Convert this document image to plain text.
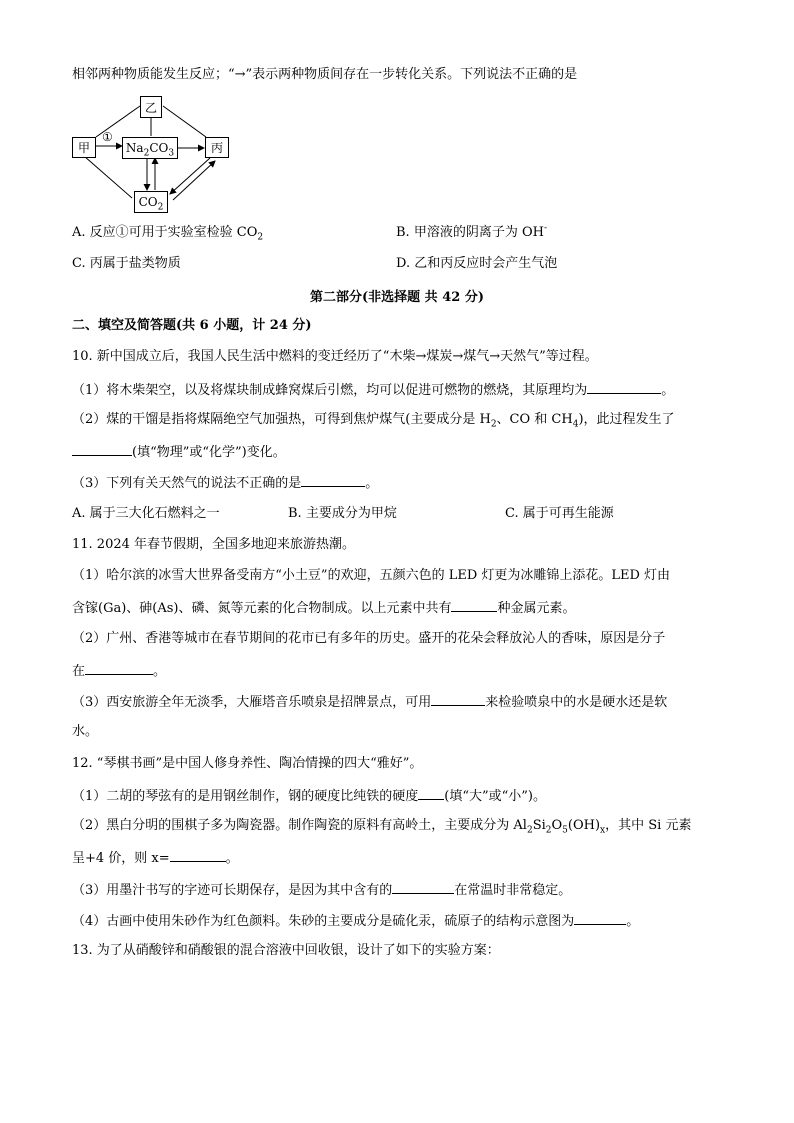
相邻两种物质能发生反应；“→”表示两种物质间存在一步转化关系。下列说法不正确的是
乙
甲	$Na_2CO_3$	丙
$CO_2$
①
A. 反应①可用于实验室检验 $CO_2$	B. 甲溶液的阴离子为 OH-
C. 丙属于盐类物质	D. 乙和丙反应时会产生气泡
第二部分(非选择题 共 42 分)
二、填空及简答题(共 6 小题，计 24 分)
10. 新中国成立后，我国人民生活中燃料的变迁经历了“木柴→煤炭→煤气→天然气”等过程。
（1）将木柴架空，以及将煤块制成蜂窝煤后引燃，均可以促进可燃物的燃烧，其原理均为	。
（2）煤的干馏是指将煤隔绝空气加强热，可得到焦炉煤气(主要成分是 $H_2$、CO 和 $CH_4$)，此过程发生了
(填“物理”或“化学”)变化。
（3）下列有关天然气的说法不正确的是	。
A. 属于三大化石燃料之一	B. 主要成分为甲烷	C. 属于可再生能源
11. 2024 年春节假期，全国多地迎来旅游热潮。
（1）哈尔滨的冰雪大世界备受南方“小土豆”的欢迎，五颜六色的 LED 灯更为冰雕锦上添花。LED 灯由
含镓(Ga)、砷(As)、磷、氮等元素的化合物制成。以上元素中共有	种金属元素。
（2）广州、香港等城市在春节期间的花市已有多年的历史。盛开的花朵会释放沁人的香味，原因是分子
在	。
（3）西安旅游全年无淡季，大雁塔音乐喷泉是招牌景点，可用	来检验喷泉中的水是硬水还是软
水。
12. “琴棋书画”是中国人修身养性、陶冶情操的四大“雅好”。
（1）二胡的琴弦有的是用钢丝制作，钢的硬度比纯铁的硬度 (填“大”或“小”)。
（2）黑白分明的围棋子多为陶瓷器。制作陶瓷的原料有高岭土，主要成分为 $Al_2Si_2O_5(OH)_x$，其中 Si 元素
呈+4 价，则 x=	。
（3）用墨汁书写的字迹可长期保存，是因为其中含有的	在常温时非常稳定。
（4）古画中使用朱砂作为红色颜料。朱砂的主要成分是硫化汞，硫原子的结构示意图为	。
13. 为了从硝酸锌和硝酸银的混合溶液中回收银，设计了如下的实验方案：
